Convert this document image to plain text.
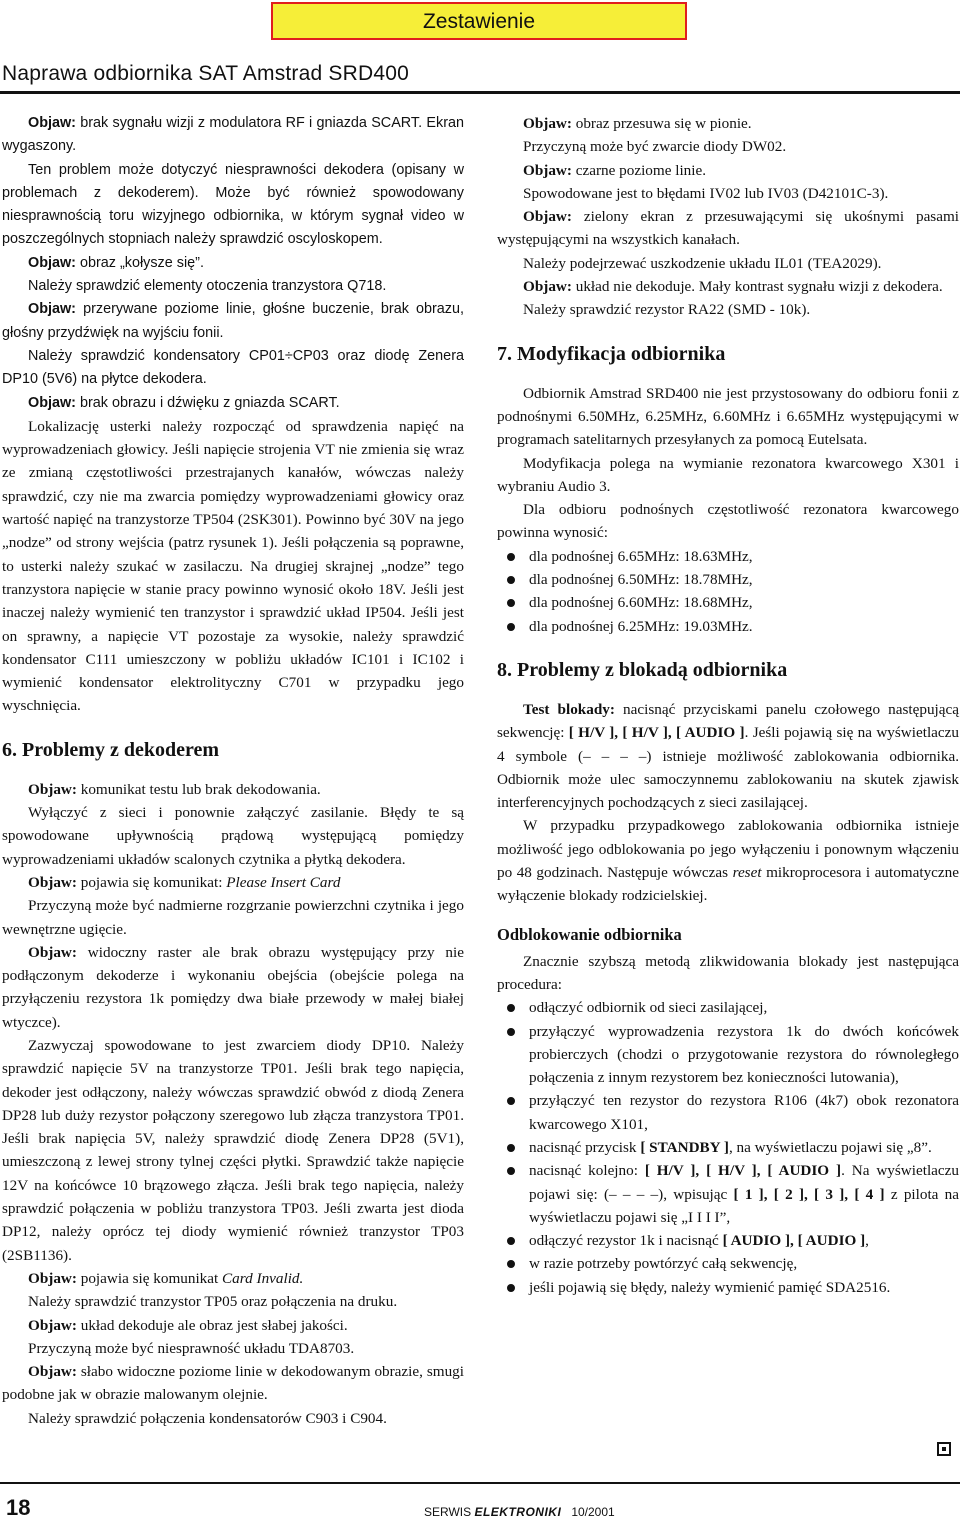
Naprawa odbiornika SAT Amstrad SRD400
Zestawienie

Objaw: brak sygnału wizji z modulatora RF i gniazda SCART. Ekran wygaszony.

Ten problem może dotyczyć niesprawności dekodera (opisany w problemach z dekoderem). Może być również spowodowany niesprawnością toru wizyjnego odbiornika, w którym sygnał video w poszczególnych stopniach należy sprawdzić oscyloskopem.

Objaw: obraz „kołysze się”.

Należy sprawdzić elementy otoczenia tranzystora Q718.

Objaw: przerywane poziome linie, głośne buczenie, brak obrazu, głośny przydźwięk na wyjściu fonii.

Należy sprawdzić kondensatory CP01÷CP03 oraz diodę Zenera DP10 (5V6) na płytce dekodera.

Objaw: brak obrazu i dźwięku z gniazda SCART.

Lokalizację usterki należy rozpocząć od sprawdzenia napięć na wyprowadzeniach głowicy. Jeśli napięcie strojenia VT nie zmienia się wraz ze zmianą częstotliwości przestrajanych kanałów, wówczas należy sprawdzić, czy nie ma zwarcia pomiędzy wyprowadzeniami głowicy oraz wartość napięć na tranzystorze TP504 (2SK301). Powinno być 30V na jego „nodze” od strony wejścia (patrz rysunek 1). Jeśli połączenia są poprawne, to usterki należy szukać w zasilaczu. Na drugiej skrajnej „nodze” tego tranzystora napięcie w stanie pracy powinno wynosić około 18V. Jeśli jest inaczej należy wymienić ten tranzystor i sprawdzić układ IP504. Jeśli jest on sprawny, a napięcie VT pozostaje za wysokie, należy sprawdzić kondensator C111 umieszczony w pobliżu układów IC101 i IC102 i wymienić kondensator elektrolityczny C701 w przypadku jego wyschnięcia.

6. Problemy z dekoderem

Objaw: komunikat testu lub brak dekodowania.

Wyłączyć z sieci i ponownie załączyć zasilanie. Błędy te są spowodowane upływnością prądową występującą pomiędzy wyprowadzeniami układów scalonych czytnika a płytką dekodera.

Objaw: pojawia się komunikat: Please Insert Card

Przyczyną może być nadmierne rozgrzanie powierzchni czytnika i jego wewnętrzne ugięcie.

Objaw: widoczny raster ale brak obrazu występujący przy nie podłączonym dekoderze i wykonaniu obejścia (obejście polega na przyłączeniu rezystora 1k pomiędzy dwa białe przewody w małej białej wtyczce).

Zazwyczaj spowodowane to jest zwarciem diody DP10. Należy sprawdzić napięcie 5V na tranzystorze TP01. Jeśli brak tego napięcia, dekoder jest odłączony, należy wówczas sprawdzić obwód z diodą Zenera DP28 lub duży rezystor połączony szeregowo lub złącza tranzystora TP01. Jeśli brak napięcia 5V, należy sprawdzić diodę Zenera DP28 (5V1), umieszczoną z lewej strony tylnej części płytki. Sprawdzić także napięcie 12V na końcówce 10 brązowego złącza. Jeśli brak tego napięcia, należy sprawdzić połączenia w pobliżu tranzystora TP03. Jeśli zwarta jest dioda DP12, należy oprócz tej diody wymienić również tranzystor TP03 (2SB1136).

Objaw: pojawia się komunikat Card Invalid.

Należy sprawdzić tranzystor TP05 oraz połączenia na druku.

Objaw: układ dekoduje ale obraz jest słabej jakości.

Przyczyną może być niesprawność układu TDA8703.

Objaw: słabo widoczne poziome linie w dekodowanym obrazie, smugi podobne jak w obrazie malowanym olejnie.

Należy sprawdzić połączenia kondensatorów C903 i C904.

Objaw: obraz przesuwa się w pionie.

Przyczyną może być zwarcie diody DW02.

Objaw: czarne poziome linie.

Spowodowane jest to błędami IV02 lub IV03 (D42101C-3).

Objaw: zielony ekran z przesuwającymi się ukośnymi pasami występującymi na wszystkich kanałach.

Należy podejrzewać uszkodzenie układu IL01 (TEA2029).

Objaw: układ nie dekoduje. Mały kontrast sygnału wizji z dekodera.

Należy sprawdzić rezystor RA22 (SMD - 10k).

7. Modyfikacja odbiornika

Odbiornik Amstrad SRD400 nie jest przystosowany do odbioru fonii z podnośnymi 6.50MHz, 6.25MHz, 6.60MHz i 6.65MHz występującymi w programach satelitarnych przesyłanych za pomocą Eutelsata.

Modyfikacja polega na wymianie rezonatora kwarcowego X301 i wybraniu Audio 3.

Dla odbioru podnośnych częstotliwość rezonatora kwarcowego powinna wynosić:

dla podnośnej 6.65MHz: 18.63MHz,
dla podnośnej 6.50MHz: 18.78MHz,
dla podnośnej 6.60MHz: 18.68MHz,
dla podnośnej 6.25MHz: 19.03MHz.
8. Problemy z blokadą odbiornika

Test blokady: nacisnąć przyciskami panelu czołowego następującą sekwencję: [ H/V ], [ H/V ], [ AUDIO ]. Jeśli pojawią się na wyświetlaczu 4 symbole (– – – –) istnieje możliwość zablokowania odbiornika. Odbiornik może ulec samoczynnemu zablokowaniu na skutek zjawisk interferencyjnych pochodzących z sieci zasilającej.

W przypadku przypadkowego zablokowania odbiornika istnieje możliwość jego odblokowania po jego wyłączeniu i ponownym włączeniu po 48 godzinach. Następuje wówczas reset mikroprocesora i automatyczne wyłączenie blokady rodzicielskiej.

Odblokowanie odbiornika

Znacznie szybszą metodą zlikwidowania blokady jest następująca procedura:

odłączyć odbiornik od sieci zasilającej,
przyłączyć wyprowadzenia rezystora 1k do dwóch końcówek probierczych (chodzi o przygotowanie rezystora do równoległego połączenia z innym rezystorem bez konieczności lutowania),
przyłączyć ten rezystor do rezystora R106 (4k7) obok rezonatora kwarcowego X101,
nacisnąć przycisk [ STANDBY ], na wyświetlaczu pojawi się „8”.
nacisnąć kolejno: [ H/V ], [ H/V ], [ AUDIO ]. Na wyświetlaczu pojawi się: (– – – –), wpisując [ 1 ], [ 2 ], [ 3 ], [ 4 ] z pilota na wyświetlaczu pojawi się „I I I I”,
odłączyć rezystor 1k i nacisnąć [ AUDIO ], [ AUDIO ],
w razie potrzeby powtórzyć całą sekwencję,
jeśli pojawią się błędy, należy wymienić pamięć SDA2516.
18	SERWIS ELEKTRONIKI 10/2001
